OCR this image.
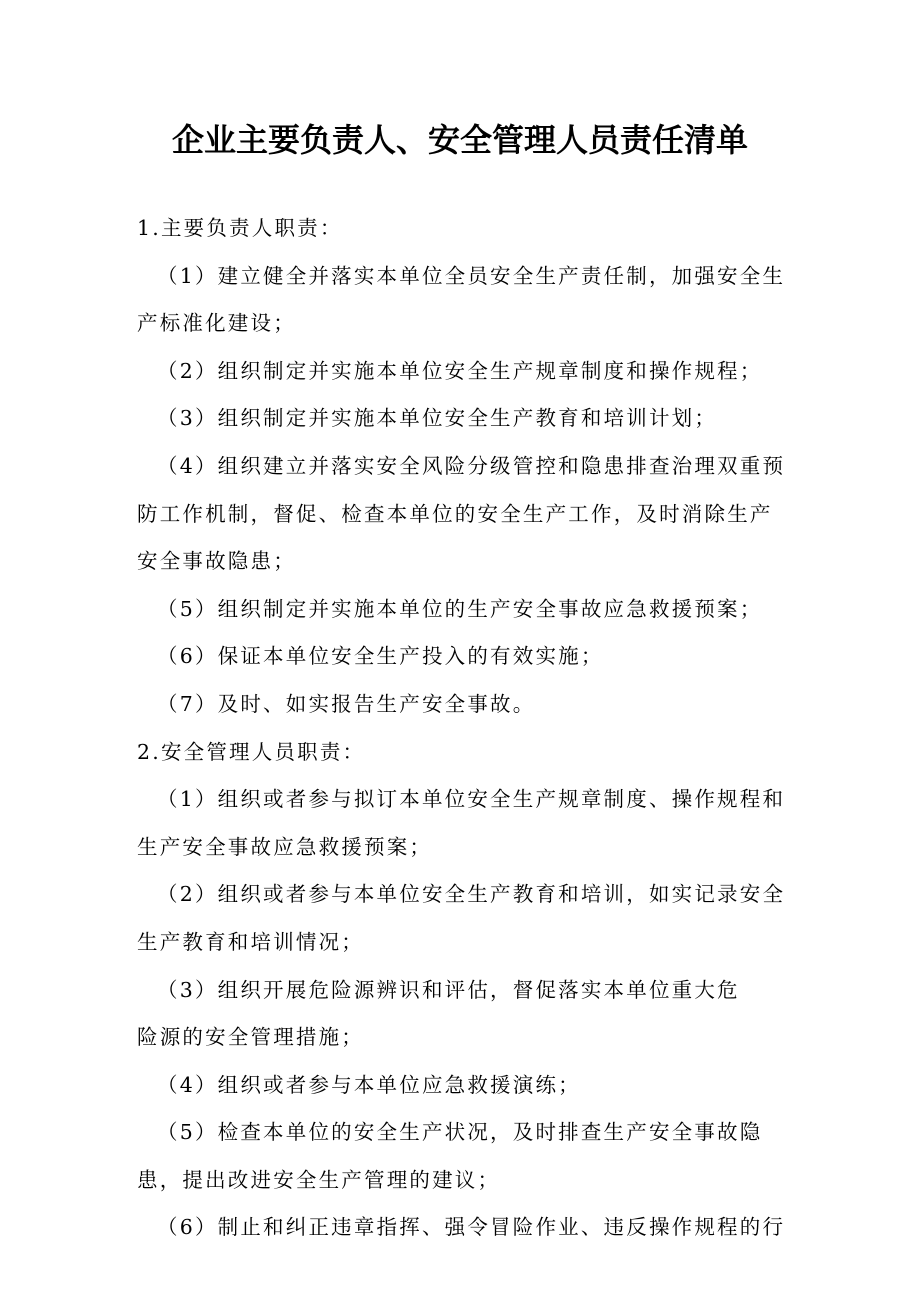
企业主要负责人、安全管理人员责任清单

1.主要负责人职责：

（1）建立健全并落实本单位全员安全生产责任制，加强安全生

产标准化建设；

（2）组织制定并实施本单位安全生产规章制度和操作规程；

（3）组织制定并实施本单位安全生产教育和培训计划；

（4）组织建立并落实安全风险分级管控和隐患排查治理双重预

防工作机制，督促、检查本单位的安全生产工作，及时消除生产

安全事故隐患；

（5）组织制定并实施本单位的生产安全事故应急救援预案；

（6）保证本单位安全生产投入的有效实施；

（7）及时、如实报告生产安全事故。

2.安全管理人员职责：

（1）组织或者参与拟订本单位安全生产规章制度、操作规程和

生产安全事故应急救援预案；

（2）组织或者参与本单位安全生产教育和培训，如实记录安全

生产教育和培训情况；

（3）组织开展危险源辨识和评估，督促落实本单位重大危

险源的安全管理措施；

（4）组织或者参与本单位应急救援演练；

（5）检查本单位的安全生产状况，及时排查生产安全事故隐

患，提出改进安全生产管理的建议；

（6）制止和纠正违章指挥、强令冒险作业、违反操作规程的行
